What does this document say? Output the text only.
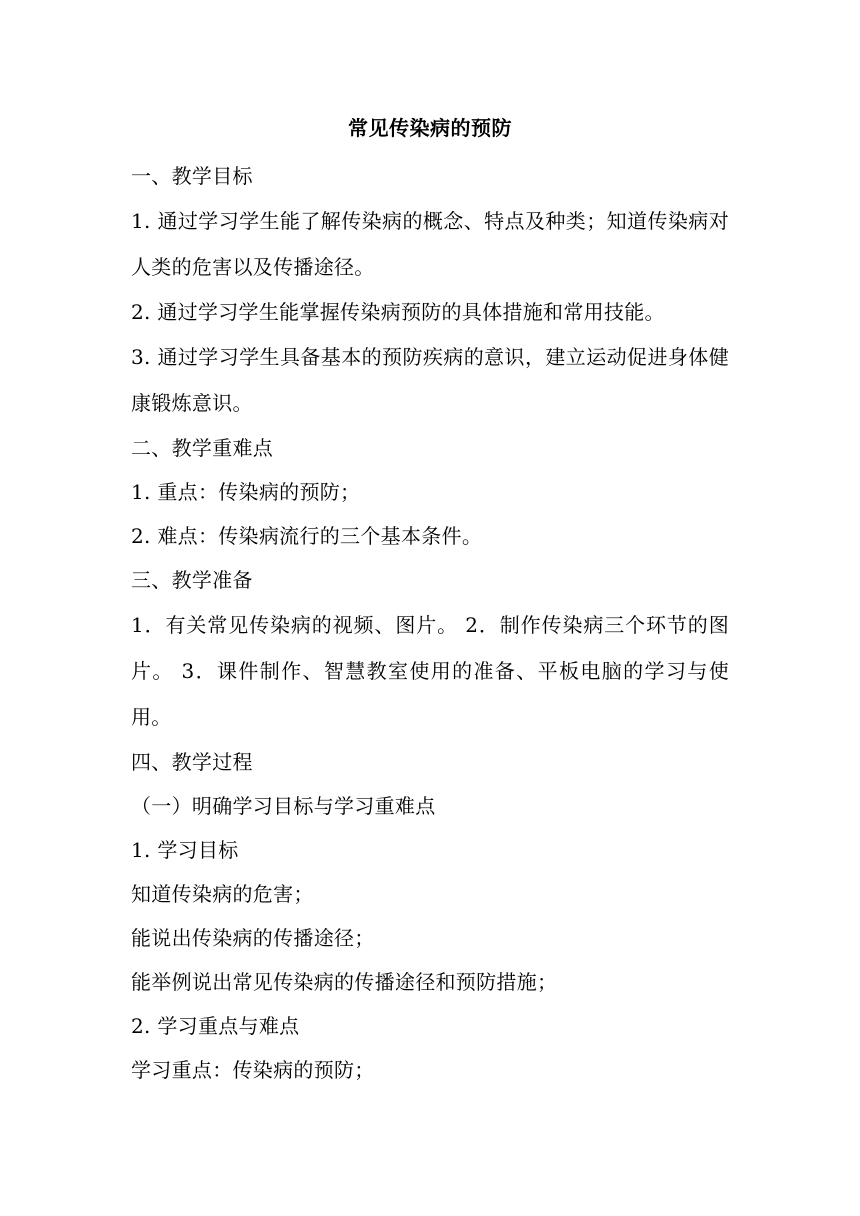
常见传染病的预防
一、教学目标

1. 通过学习学生能了解传染病的概念、特点及种类；知道传染病对人类的危害以及传播途径。

2. 通过学习学生能掌握传染病预防的具体措施和常用技能。

3. 通过学习学生具备基本的预防疾病的意识，建立运动促进身体健康锻炼意识。

二、教学重难点
1. 重点：传染病的预防；
2. 难点：传染病流行的三个基本条件。
三、教学准备

1．有关常见传染病的视频、图片。 2．制作传染病三个环节的图片。 3．课件制作、智慧教室使用的准备、平板电脑的学习与使用。

四、教学过程
（一）明确学习目标与学习重难点
1. 学习目标
知道传染病的危害；
能说出传染病的传播途径；
能举例说出常见传染病的传播途径和预防措施；
2. 学习重点与难点
学习重点：传染病的预防；
